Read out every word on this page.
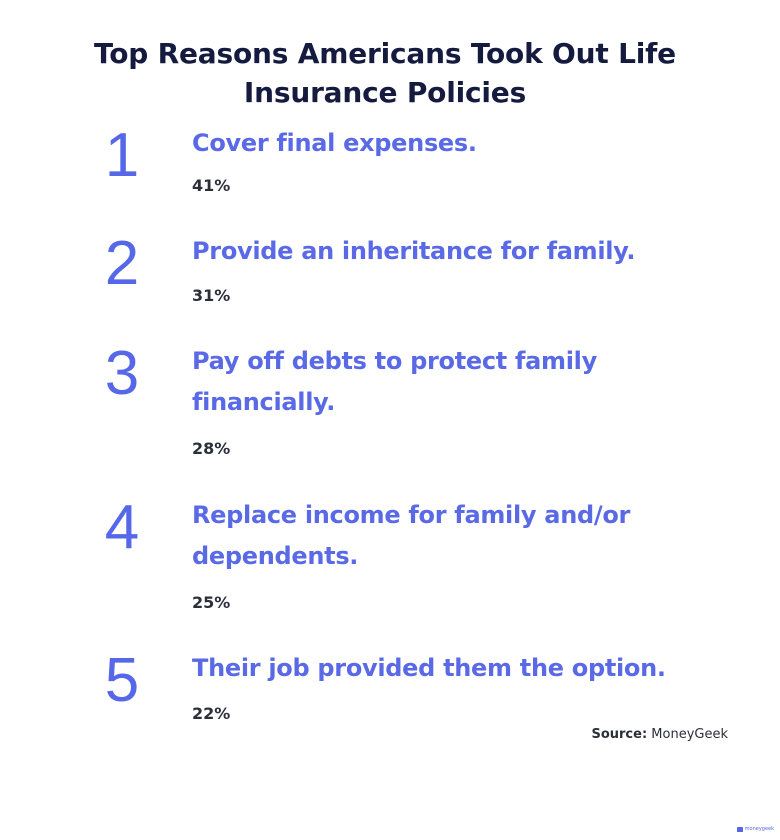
Top Reasons Americans Took Out Life Insurance Policies
1 Cover final expenses.
41%
2 Provide an inheritance for family.
31%
3 Pay off debts to protect family financially.
28%
4 Replace income for family and/or dependents.
25%
5 Their job provided them the option.
22%
Source: MoneyGeek
moneygeek
